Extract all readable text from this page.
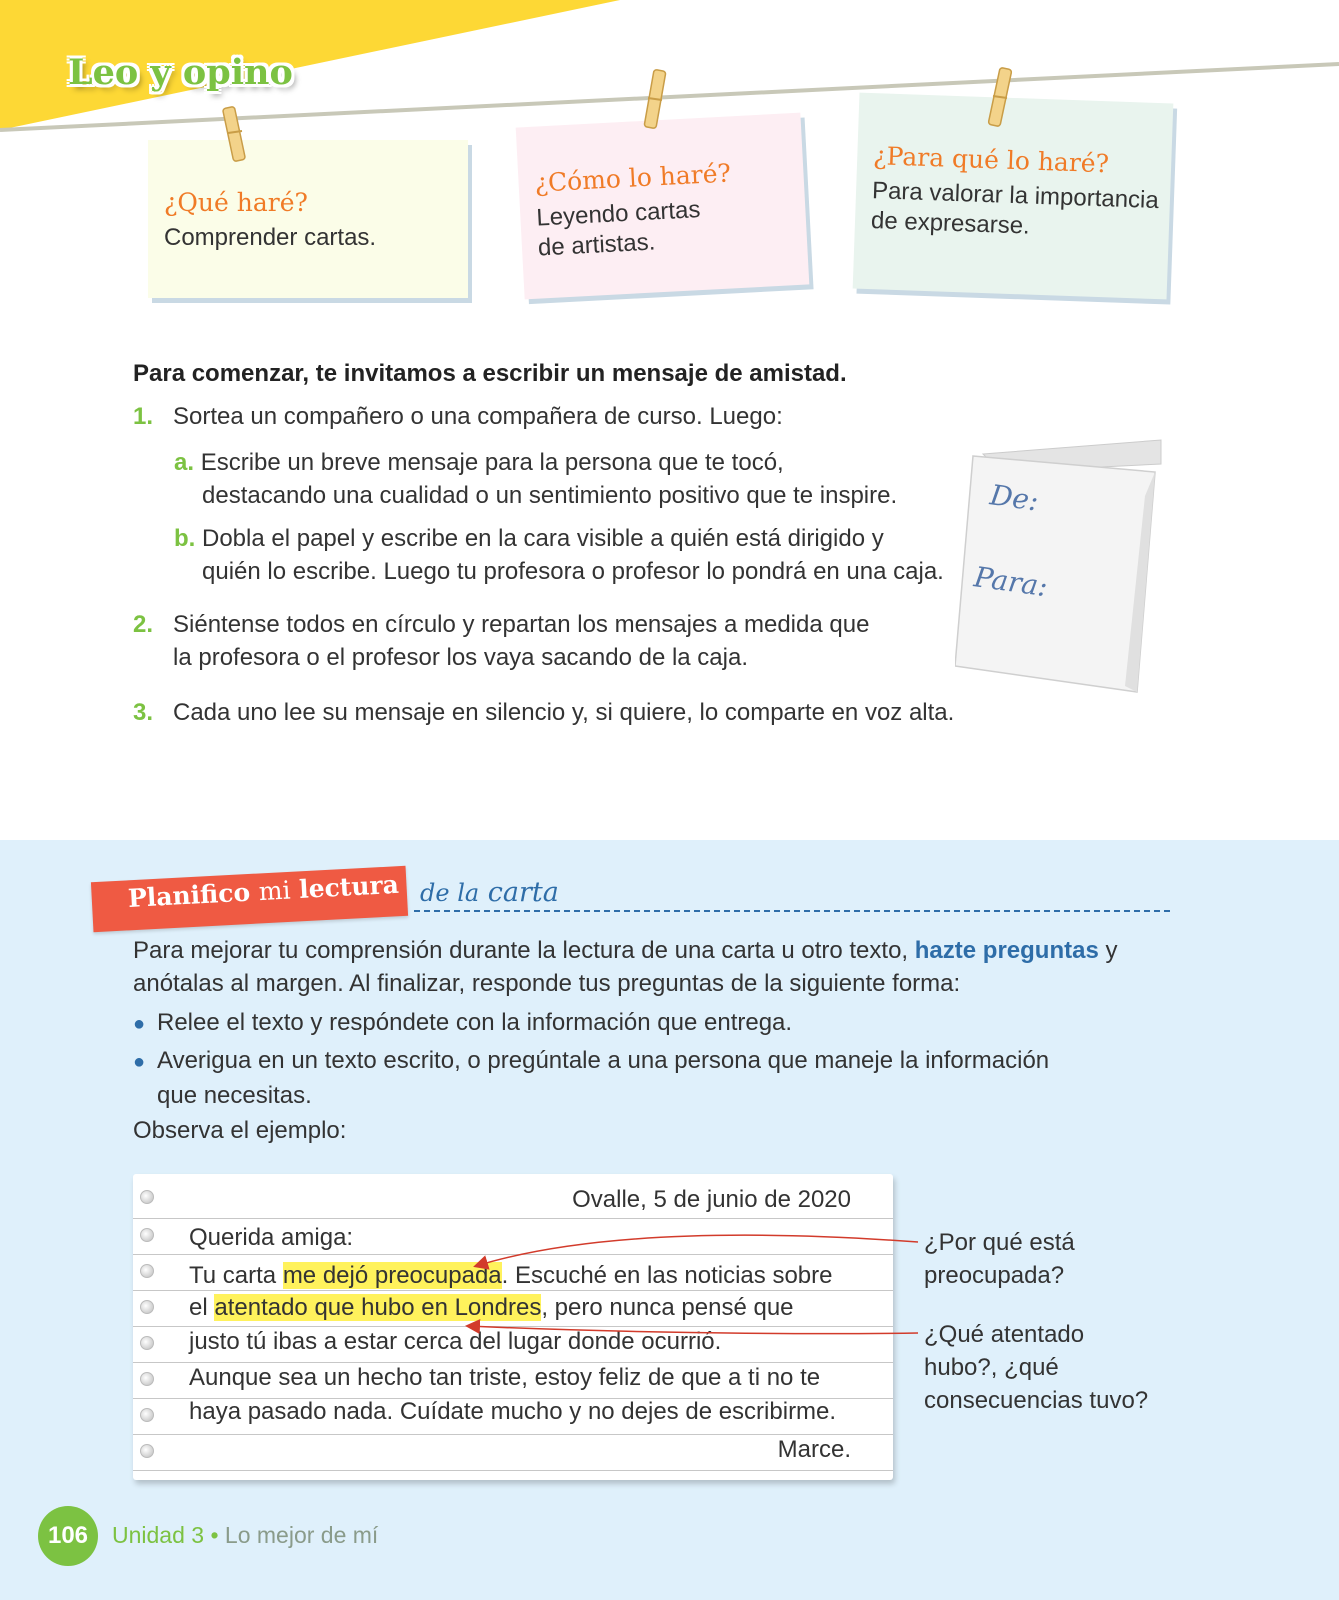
Leo y opino
¿Qué haré?
Comprender cartas.
¿Cómo lo haré?
Leyendo cartas
de artistas.
¿Para qué lo haré?
Para valorar la importancia
de expresarse.
Para comenzar, te invitamos a escribir un mensaje de amistad.
1. Sortea un compañero o una compañera de curso. Luego:
a. Escribe un breve mensaje para la persona que te tocó,
destacando una cualidad o un sentimiento positivo que te inspire.
b. Dobla el papel y escribe en la cara visible a quién está dirigido y
quién lo escribe. Luego tu profesora o profesor lo pondrá en una caja.
2. Siéntense todos en círculo y repartan los mensajes a medida que
la profesora o el profesor los vaya sacando de la caja.
3. Cada uno lee su mensaje en silencio y, si quiere, lo comparte en voz alta.
De:
Para:
Planifico mi lectura de la carta
Para mejorar tu comprensión durante la lectura de una carta u otro texto, hazte preguntas y
anótalas al margen. Al finalizar, responde tus preguntas de la siguiente forma:
● Relee el texto y respóndete con la información que entrega.
● Averigua en un texto escrito, o pregúntale a una persona que maneje la información
que necesitas.
Observa el ejemplo:
Ovalle, 5 de junio de 2020
Querida amiga:
Tu carta me dejó preocupada. Escuché en las noticias sobre
el atentado que hubo en Londres, pero nunca pensé que
justo tú ibas a estar cerca del lugar donde ocurrió.
Aunque sea un hecho tan triste, estoy feliz de que a ti no te
haya pasado nada. Cuídate mucho y no dejes de escribirme.
Marce.
¿Por qué está
preocupada?
¿Qué atentado
hubo?, ¿qué
consecuencias tuvo?
106	Unidad 3 • Lo mejor de mí
